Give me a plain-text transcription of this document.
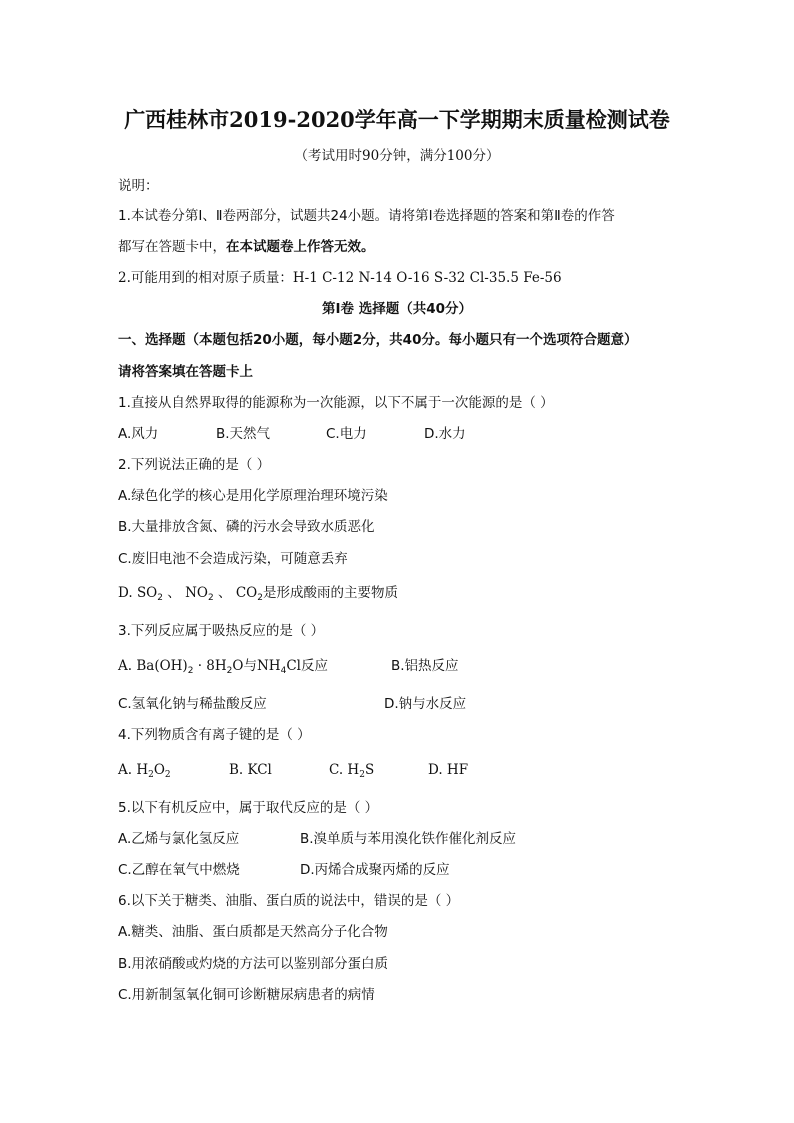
广西桂林市2019-2020学年高一下学期期末质量检测试卷
（考试用时90分钟，满分100分）
说明：
1.本试卷分第Ⅰ、Ⅱ卷两部分，试题共24小题。请将第Ⅰ卷选择题的答案和第Ⅱ卷的作答
都写在答题卡中，在本试题卷上作答无效。
2.可能用到的相对原子质量：H-1 C-12 N-14 O-16 S-32 Cl-35.5 Fe-56
第Ⅰ卷 选择题（共40分）
一、选择题（本题包括20小题，每小题2分，共40分。每小题只有一个选项符合题意）
请将答案填在答题卡上
1.直接从自然界取得的能源称为一次能源，以下不属于一次能源的是（ ）
A.风力	B.天然气	C.电力	D.水力
2.下列说法正确的是（ ）
A.绿色化学的核心是用化学原理治理环境污染
B.大量排放含氮、磷的污水会导致水质恶化
C.废旧电池不会造成污染，可随意丢弃
D. $SO_2$ 、 $NO_2$ 、 $CO_2$是形成酸雨的主要物质
3.下列反应属于吸热反应的是（ ）
A. $Ba(OH)_2 \cdot 8H_2O$与$NH_4Cl$反应	B.铝热反应
C.氢氧化钠与稀盐酸反应	D.钠与水反应
4.下列物质含有离子键的是（ ）
A. $H_2O_2$	B. KCl	C. $H_2S$	D. HF
5.以下有机反应中，属于取代反应的是（ ）
A.乙烯与氯化氢反应	B.溴单质与苯用溴化铁作催化剂反应
C.乙醇在氧气中燃烧	D.丙烯合成聚丙烯的反应
6.以下关于糖类、油脂、蛋白质的说法中，错误的是（ ）
A.糖类、油脂、蛋白质都是天然高分子化合物
B.用浓硝酸或灼烧的方法可以鉴别部分蛋白质
C.用新制氢氧化铜可诊断糖尿病患者的病情
